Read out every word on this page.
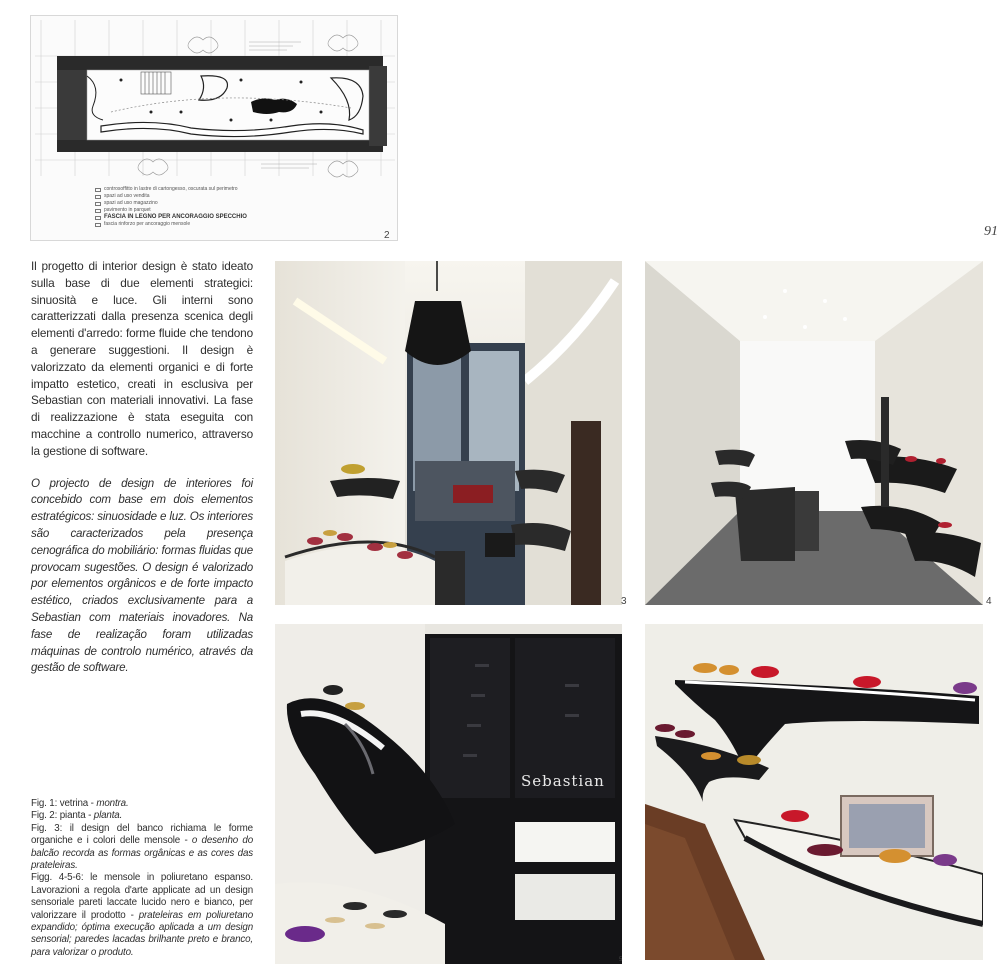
controsoffitto in lastre di cartongesso, oscurata sul perimetro
spazi ad uso vendita
spazi ad uso magazzino
pavimento in parquet
FASCIA IN LEGNO PER ANCORAGGIO SPECCHIO
fascia rinforzo per ancoraggio mensole
2	91

Il progetto di interior design è stato ideato sulla base di due elementi strategici: sinuosità e luce. Gli interni sono caratterizzati dalla presenza scenica degli elementi d'arredo: forme fluide che tendono a generare suggestioni. Il design è valorizzato da elementi organici e di forte impatto estetico, creati in esclusiva per Sebastian con materiali innovativi. La fase di realizzazione è stata eseguita con macchine a controllo numerico, attraverso la gestione di software.

O projecto de design de interiores foi concebido com base em dois elementos estratégicos: sinuosidade e luz. Os interiores são caracterizados pela presença cenográfica do mobiliário: formas fluidas que provocam sugestões. O design é valorizado por elementos orgânicos e de forte impacto estético, criados exclusivamente para a Sebastian com materiais inovadores. Na fase de realização foram utilizadas máquinas de controlo numérico, através da gestão de software.

Fig. 1: vetrina - montra.
Fig. 2: pianta - planta.
Fig. 3: il design del banco richiama le forme organiche e i colori delle mensole - o desenho do balcão recorda as formas orgânicas e as cores das prateleiras.
Figg. 4-5-6: le mensole in poliuretano espanso. Lavorazioni a regola d'arte applicate ad un design sensoriale pareti laccate lucido nero e bianco, per valorizzare il prodotto - prateleiras em poliuretano expandido; óptima execução aplicada a um design sensorial; paredes lacadas brilhante preto e branco, para valorizar o produto.
3	4
Sebastian
5
